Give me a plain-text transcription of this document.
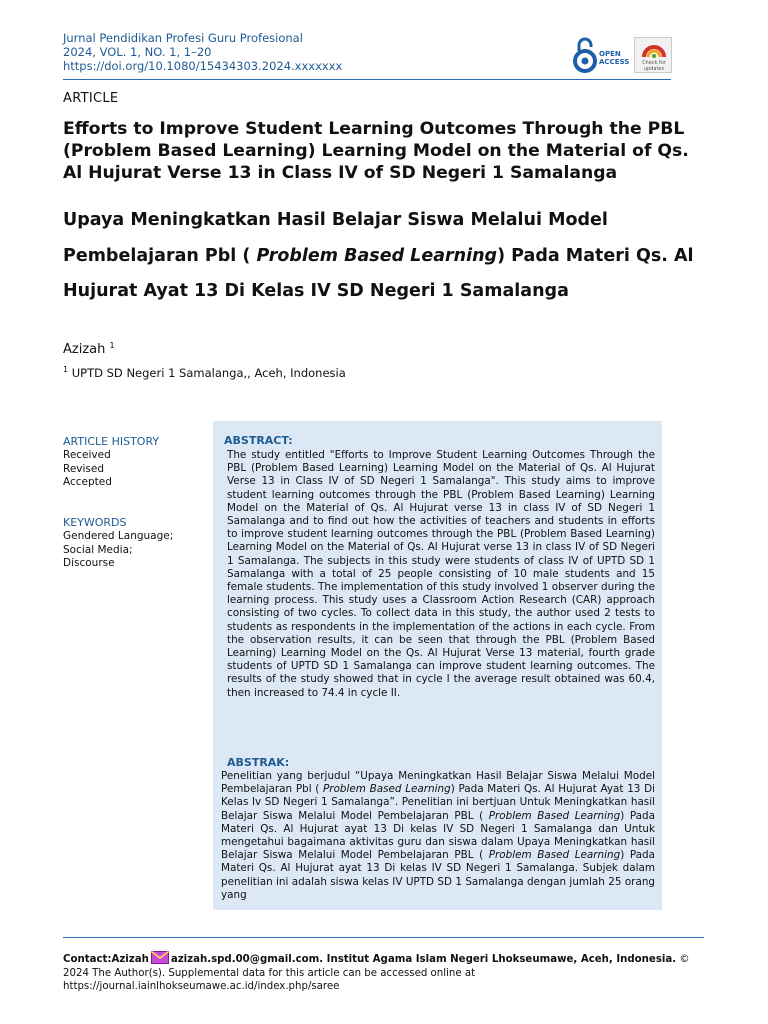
Jurnal Pendidikan Profesi Guru Profesional
2024, VOL. 1, NO. 1, 1–20
https://doi.org/10.1080/15434303.2024.xxxxxxx
OPEN
ACCESS	Check for updates
ARTICLE
Efforts to Improve Student Learning Outcomes Through the PBL (Problem Based Learning) Learning Model on the Material of Qs. Al Hujurat Verse 13 in Class IV of SD Negeri 1 Samalanga
Upaya Meningkatkan Hasil Belajar Siswa Melalui Model Pembelajaran Pbl ( Problem Based Learning) Pada Materi Qs. Al Hujurat Ayat 13 Di Kelas IV SD Negeri 1 Samalanga
Azizah $^1$
$^1$ UPTD SD Negeri 1 Samalanga,, Aceh, Indonesia
ARTICLE HISTORY
Received
Revised
Accepted
KEYWORDS
Gendered Language;
Social Media;
Discourse
ABSTRACT:
The study entitled "Efforts to Improve Student Learning Outcomes Through the PBL (Problem Based Learning) Learning Model on the Material of Qs. Al Hujurat Verse 13 in Class IV of SD Negeri 1 Samalanga". This study aims to improve student learning outcomes through the PBL (Problem Based Learning) Learning Model on the Material of Qs. Al Hujurat verse 13 in class IV of SD Negeri 1 Samalanga and to find out how the activities of teachers and students in efforts to improve student learning outcomes through the PBL (Problem Based Learning) Learning Model on the Material of Qs. Al Hujurat verse 13 in class IV of SD Negeri 1 Samalanga. The subjects in this study were students of class IV of UPTD SD 1 Samalanga with a total of 25 people consisting of 10 male students and 15 female students. The implementation of this study involved 1 observer during the learning process. This study uses a Classroom Action Research (CAR) approach consisting of two cycles. To collect data in this study, the author used 2 tests to students as respondents in the implementation of the actions in each cycle. From the observation results, it can be seen that through the PBL (Problem Based Learning) Learning Model on the Qs. Al Hujurat Verse 13 material, fourth grade students of UPTD SD 1 Samalanga can improve student learning outcomes. The results of the study showed that in cycle I the average result obtained was 60.4, then increased to 74.4 in cycle II.
ABSTRAK:
Penelitian yang berjudul “Upaya Meningkatkan Hasil Belajar Siswa Melalui Model Pembelajaran Pbl ( Problem Based Learning) Pada Materi Qs. Al Hujurat Ayat 13 Di Kelas Iv SD Negeri 1 Samalanga”. Penelitian ini bertjuan Untuk Meningkatkan hasil Belajar Siswa Melalui Model Pembelajaran PBL ( Problem Based Learning) Pada Materi Qs. Al Hujurat ayat 13 Di kelas IV SD Negeri 1 Samalanga dan Untuk mengetahui bagaimana aktivitas guru dan siswa dalam Upaya Meningkatkan hasil Belajar Siswa Melalui Model Pembelajaran PBL ( Problem Based Learning) Pada Materi Qs. Al Hujurat ayat 13 Di kelas IV SD Negeri 1 Samalanga. Subjek dalam penelitian ini adalah siswa kelas IV UPTD SD 1 Samalanga dengan jumlah 25 orang yang
Contact:Azizah azizah.spd.00@gmail.com. Institut Agama Islam Negeri Lhokseumawe, Aceh, Indonesia. © 2024 The Author(s). Supplemental data for this article can be accessed online at https://journal.iainlhokseumawe.ac.id/index.php/saree
